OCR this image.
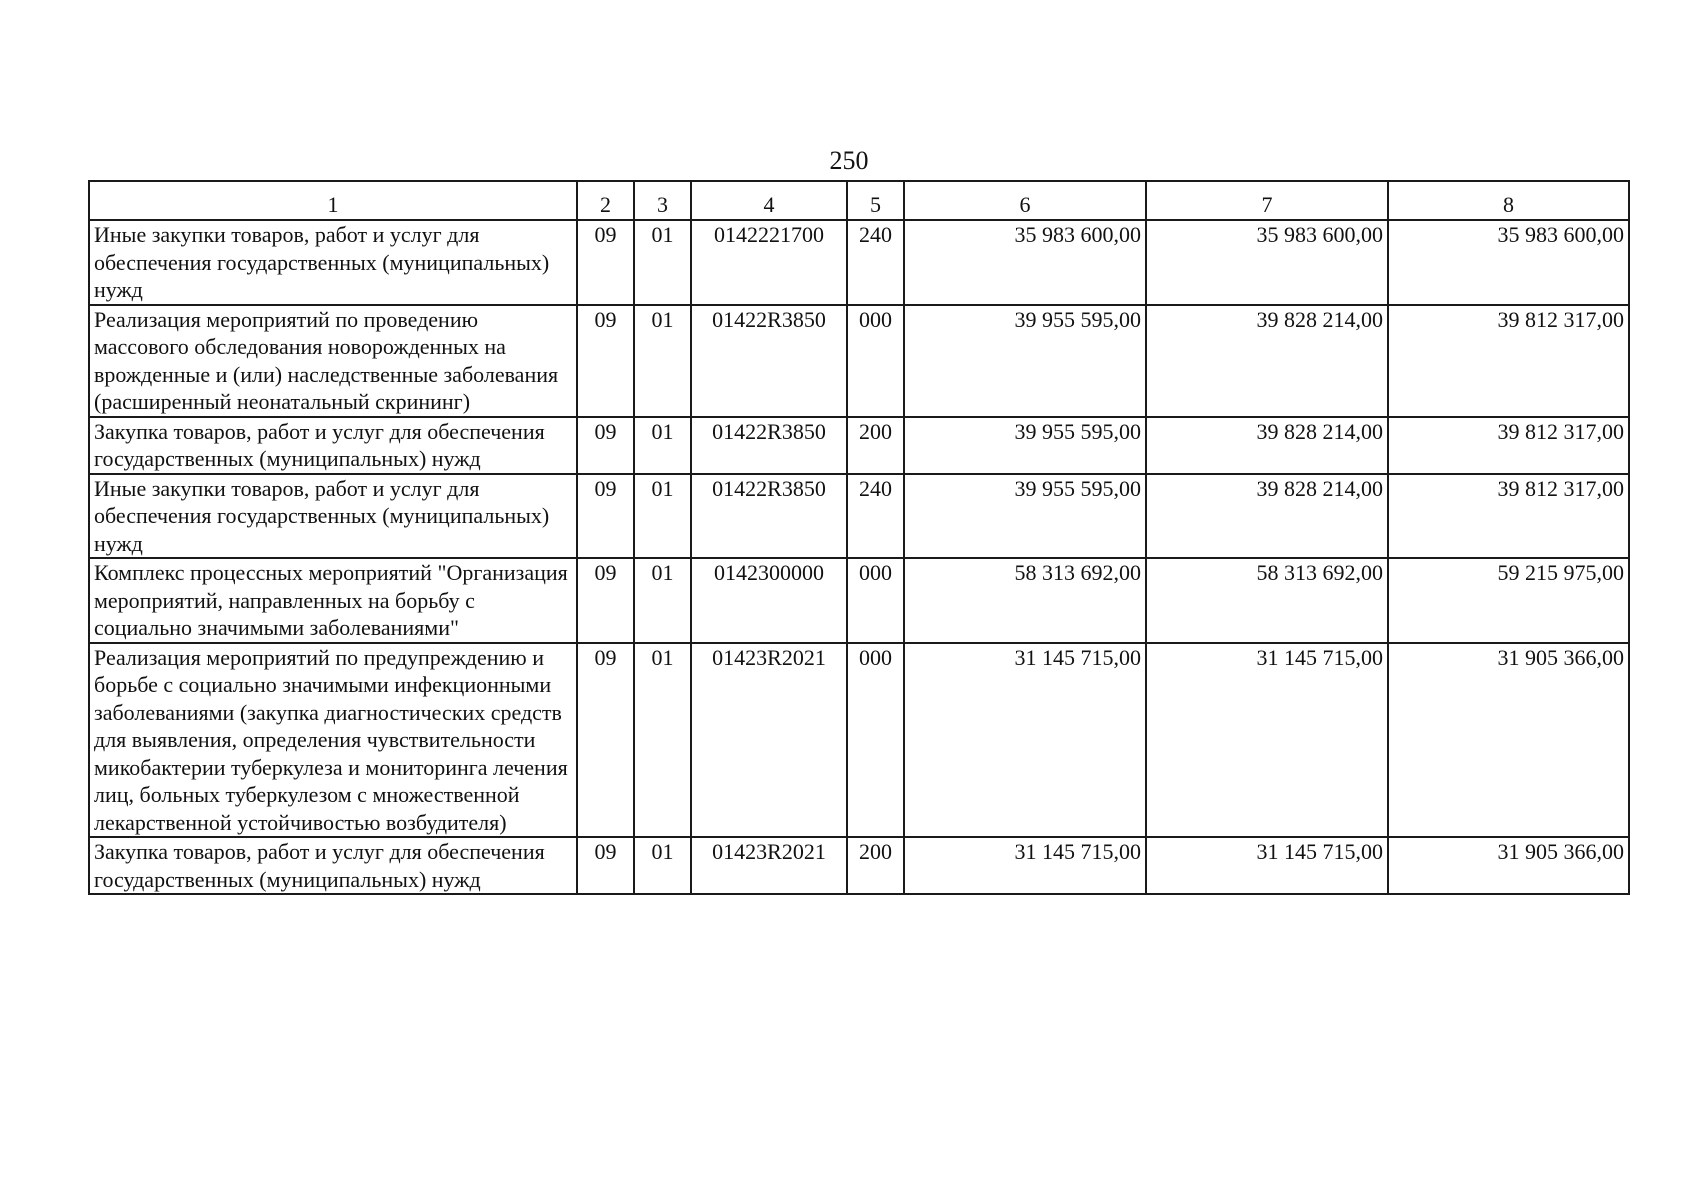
250
1	2	3	4	5	6	7	8
Иные закупки товаров, работ и услуг для обеспечения государственных (муниципальных) нужд	09	01	0142221700	240	35 983 600,00	35 983 600,00	35 983 600,00
Реализация мероприятий по проведению массового обследования новорожденных на врожденные и (или) наследственные заболевания (расширенный неонатальный скрининг)	09	01	01422R3850	000	39 955 595,00	39 828 214,00	39 812 317,00
Закупка товаров, работ и услуг для обеспечения государственных (муниципальных) нужд	09	01	01422R3850	200	39 955 595,00	39 828 214,00	39 812 317,00
Иные закупки товаров, работ и услуг для обеспечения государственных (муниципальных) нужд	09	01	01422R3850	240	39 955 595,00	39 828 214,00	39 812 317,00
Комплекс процессных мероприятий "Организация мероприятий, направленных на борьбу с социально значимыми заболеваниями"	09	01	0142300000	000	58 313 692,00	58 313 692,00	59 215 975,00
Реализация мероприятий по предупреждению и борьбе с социально значимыми инфекционными заболеваниями (закупка диагностических средств для выявления, определения чувствительности микобактерии туберкулеза и мониторинга лечения лиц, больных туберкулезом с множественной лекарственной устойчивостью возбудителя)	09	01	01423R2021	000	31 145 715,00	31 145 715,00	31 905 366,00
Закупка товаров, работ и услуг для обеспечения государственных (муниципальных) нужд	09	01	01423R2021	200	31 145 715,00	31 145 715,00	31 905 366,00
